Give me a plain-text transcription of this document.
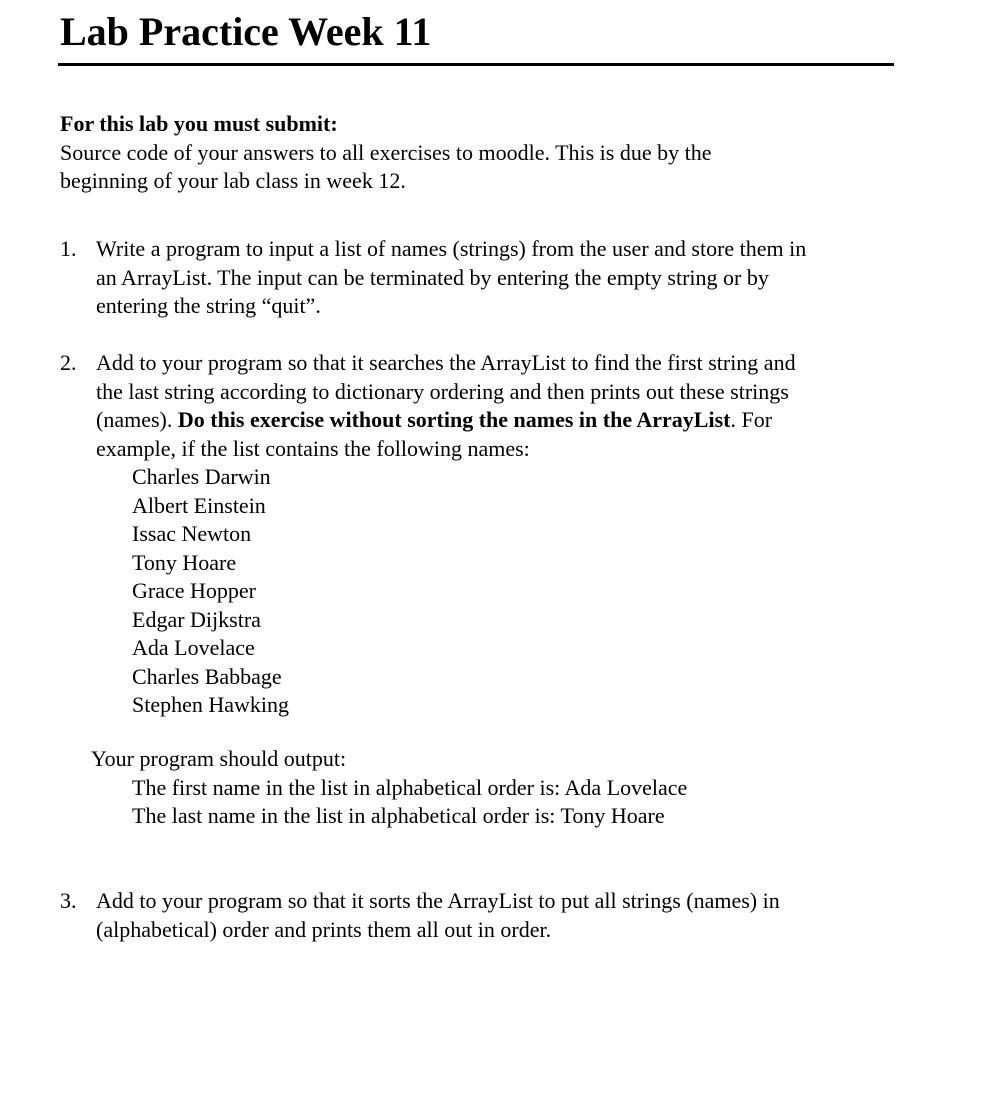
Lab Practice Week 11
For this lab you must submit:
Source code of your answers to all exercises to moodle. This is due by the
beginning of your lab class in week 12.
1. Write a program to input a list of names (strings) from the user and store them in
an ArrayList. The input can be terminated by entering the empty string or by
entering the string “quit”.
2. Add to your program so that it searches the ArrayList to find the first string and
the last string according to dictionary ordering and then prints out these strings
(names). Do this exercise without sorting the names in the ArrayList. For
example, if the list contains the following names:
Charles Darwin
Albert Einstein
Issac Newton
Tony Hoare
Grace Hopper
Edgar Dijkstra
Ada Lovelace
Charles Babbage
Stephen Hawking
Your program should output:
The first name in the list in alphabetical order is: Ada Lovelace
The last name in the list in alphabetical order is: Tony Hoare
3. Add to your program so that it sorts the ArrayList to put all strings (names) in
(alphabetical) order and prints them all out in order.
